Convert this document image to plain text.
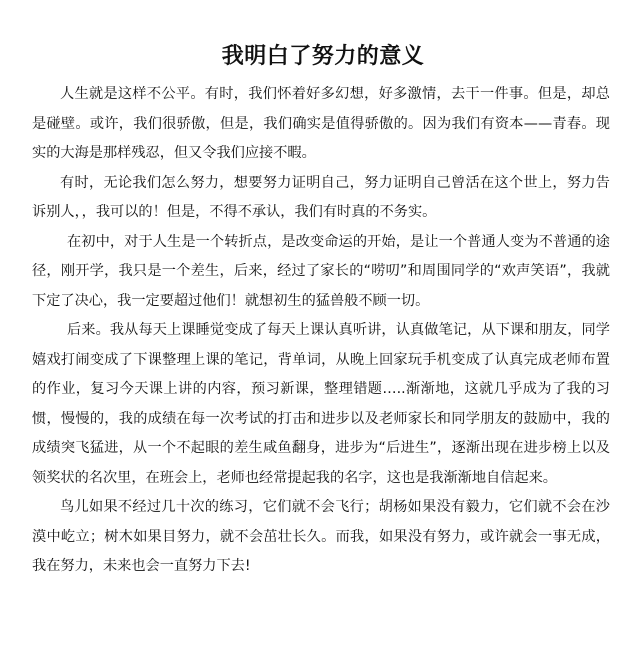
我明白了努力的意义

人生就是这样不公平。有时，我们怀着好多幻想，好多激情，去干一件事。但是，却总是碰壁。或许，我们很骄傲，但是，我们确实是值得骄傲的。因为我们有资本——青春。现实的大海是那样残忍，但又令我们应接不暇。

有时，无论我们怎么努力，想要努力证明自己，努力证明自己曾活在这个世上，努力告诉别人，，我可以的！但是，不得不承认，我们有时真的不务实。

在初中，对于人生是一个转折点，是改变命运的开始，是让一个普通人变为不普通的途径，刚开学，我只是一个差生，后来，经过了家长的“唠叨”和周围同学的“欢声笑语”，我就下定了决心，我一定要超过他们！就想初生的猛兽般不顾一切。

后来。我从每天上课睡觉变成了每天上课认真听讲，认真做笔记，从下课和朋友，同学嬉戏打闹变成了下课整理上课的笔记，背单词，从晚上回家玩手机变成了认真完成老师布置的作业，复习今天课上讲的内容，预习新课，整理错题…..渐渐地，这就几乎成为了我的习惯，慢慢的，我的成绩在每一次考试的打击和进步以及老师家长和同学朋友的鼓励中，我的成绩突飞猛进，从一个不起眼的差生咸鱼翻身，进步为“后进生”，逐渐出现在进步榜上以及领奖状的名次里，在班会上，老师也经常提起我的名字，这也是我渐渐地自信起来。

鸟儿如果不经过几十次的练习，它们就不会飞行；胡杨如果没有毅力，它们就不会在沙漠中屹立；树木如果目努力，就不会茁壮长久。而我，如果没有努力，或许就会一事无成，我在努力，未来也会一直努力下去!
